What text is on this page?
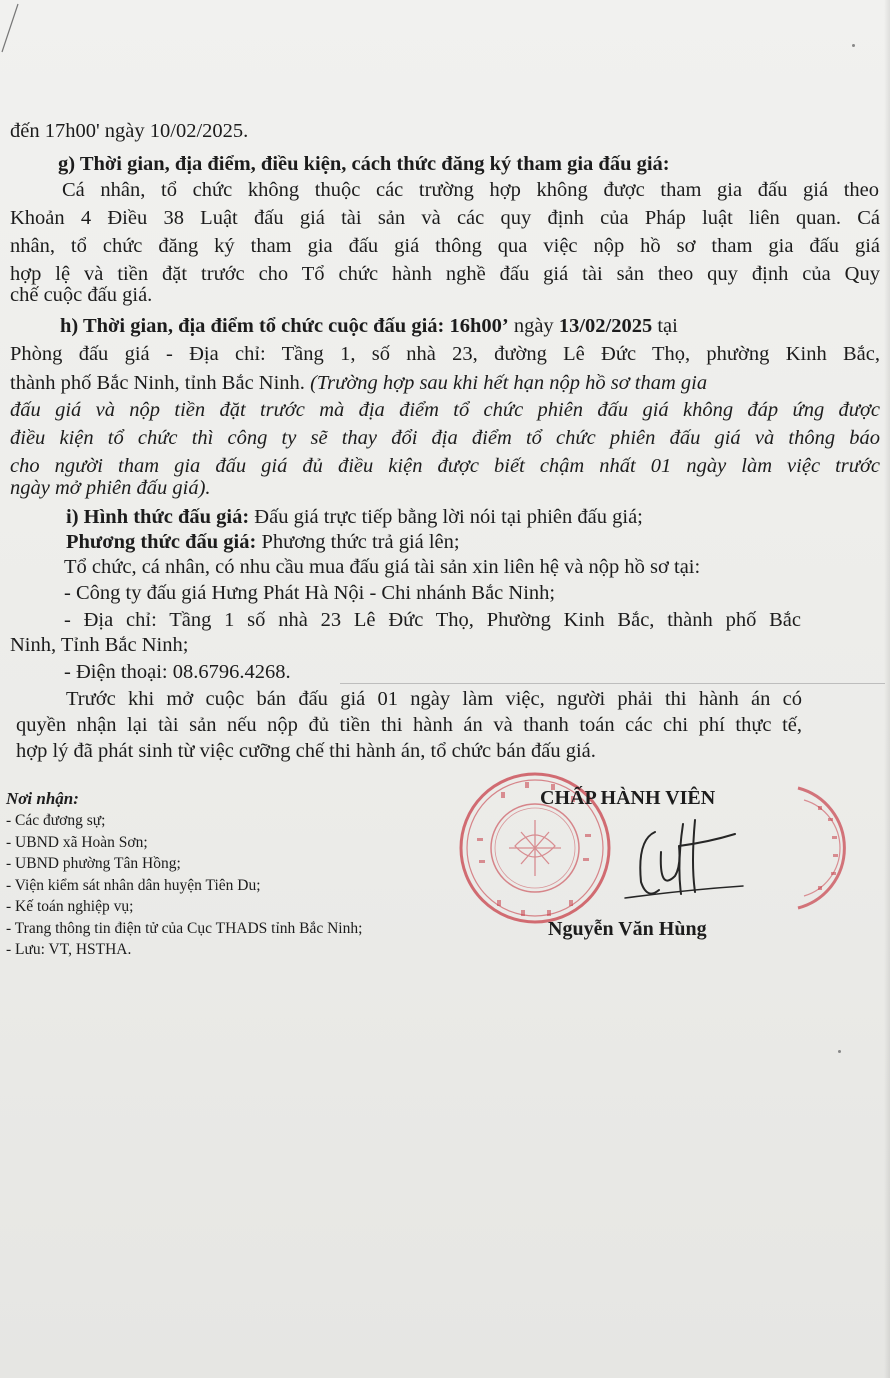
đến 17h00' ngày 10/02/2025.
g) Thời gian, địa điểm, điều kiện, cách thức đăng ký tham gia đấu giá:
Cá nhân, tổ chức không thuộc các trường hợp không được tham gia đấu giá theo
Khoản 4 Điều 38 Luật đấu giá tài sản và các quy định của Pháp luật liên quan. Cá
nhân, tổ chức đăng ký tham gia đấu giá thông qua việc nộp hồ sơ tham gia đấu giá
hợp lệ và tiền đặt trước cho Tổ chức hành nghề đấu giá tài sản theo quy định của Quy
chế cuộc đấu giá.
h) Thời gian, địa điểm tổ chức cuộc đấu giá: 16h00’ ngày 13/02/2025 tại
Phòng đấu giá - Địa chỉ: Tầng 1, số nhà 23, đường Lê Đức Thọ, phường Kinh Bắc,
thành phố Bắc Ninh, tỉnh Bắc Ninh. (Trường hợp sau khi hết hạn nộp hồ sơ tham gia
đấu giá và nộp tiền đặt trước mà địa điểm tổ chức phiên đấu giá không đáp ứng được
điều kiện tổ chức thì công ty sẽ thay đổi địa điểm tổ chức phiên đấu giá và thông báo
cho người tham gia đấu giá đủ điều kiện được biết chậm nhất 01 ngày làm việc trước
ngày mở phiên đấu giá).
i) Hình thức đấu giá: Đấu giá trực tiếp bằng lời nói tại phiên đấu giá;
Phương thức đấu giá: Phương thức trả giá lên;
Tổ chức, cá nhân, có nhu cầu mua đấu giá tài sản xin liên hệ và nộp hồ sơ tại:
- Công ty đấu giá Hưng Phát Hà Nội - Chi nhánh Bắc Ninh;
- Địa chỉ: Tầng 1 số nhà 23 Lê Đức Thọ, Phường Kinh Bắc, thành phố Bắc
Ninh, Tỉnh Bắc Ninh;
- Điện thoại: 08.6796.4268.
Trước khi mở cuộc bán đấu giá 01 ngày làm việc, người phải thi hành án có
quyền nhận lại tài sản nếu nộp đủ tiền thi hành án và thanh toán các chi phí thực tế,
hợp lý đã phát sinh từ việc cưỡng chế thi hành án, tổ chức bán đấu giá.
Nơi nhận:
- Các đương sự;
- UBND xã Hoàn Sơn;
- UBND phường Tân Hồng;
- Viện kiểm sát nhân dân huyện Tiên Du;
- Kế toán nghiệp vụ;
- Trang thông tin điện tử của Cục THADS tỉnh Bắc Ninh;
- Lưu: VT, HSTHA.
CHẤP HÀNH VIÊN
Nguyễn Văn Hùng
